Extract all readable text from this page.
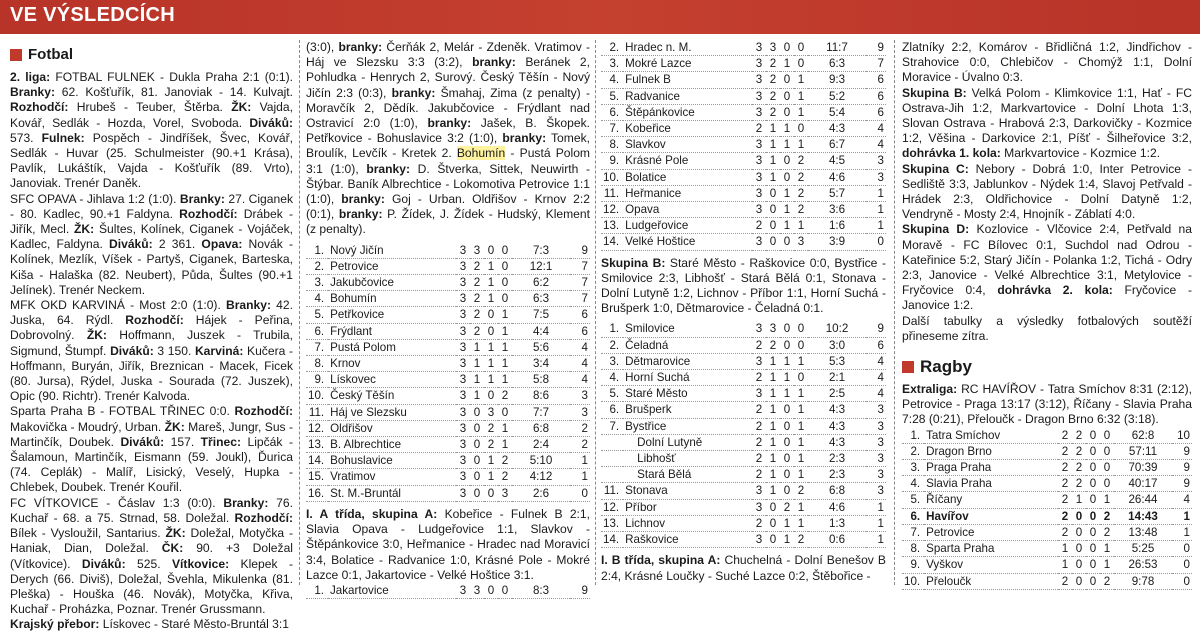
VE VÝSLEDCÍCH
Fotbal

2. liga: FOTBAL FULNEK - Dukla Praha 2:1 (0:1). Branky: 62. Košťuřík, 81. Janoviak - 14. Kulvajt. Rozhodčí: Hrubeš - Teuber, Štěrba. ŽK: Vajda, Kovář, Sedlák - Hozda, Vorel, Svoboda. Diváků: 573. Fulnek: Pospěch - Jindříšek, Švec, Kovář, Sedlák - Huvar (25. Schulmeister (90.+1 Krása), Pavlík, Lukáštík, Vajda - Košťuřík (89. Vrto), Janoviak. Trenér Daněk.

SFC OPAVA - Jihlava 1:2 (1:0). Branky: 27. Ciganek - 80. Kadlec, 90.+1 Faldyna. Rozhodčí: Drábek - Jiřík, Mecl. ŽK: Šultes, Kolínek, Ciganek - Vojáček, Kadlec, Faldyna. Diváků: 2 361. Opava: Novák - Kolínek, Mezlík, Víšek - Partyš, Ciganek, Barteska, Kiša - Halaška (82. Neubert), Půda, Šultes (90.+1 Jelínek). Trenér Neckem.

MFK OKD KARVINÁ - Most 2:0 (1:0). Branky: 42. Juska, 64. Rýdl. Rozhodčí: Hájek - Peřina, Dobrovolný. ŽK: Hoffmann, Juszek - Trubila, Sigmund, Štumpf. Diváků: 3 150. Karviná: Kučera - Hoffmann, Buryán, Jiřík, Breznican - Macek, Ficek (80. Jursa), Rýdel, Juska - Sourada (72. Juszek), Opic (90. Richtr). Trenér Kalvoda.

Sparta Praha B - FOTBAL TŘINEC 0:0. Rozhodčí: Makovička - Moudrý, Urban. ŽK: Mareš, Jungr, Sus - Martinčík, Doubek. Diváků: 157. Třinec: Lipčák - Šalamoun, Martinčík, Eismann (59. Joukl), Ďurica (74. Ceplák) - Malíř, Lisický, Veselý, Hupka - Chlebek, Doubek. Trenér Kouřil.

FC VÍTKOVICE - Čáslav 1:3 (0:0). Branky: 76. Kuchař - 68. a 75. Strnad, 58. Doležal. Rozhodčí: Bílek - Vysloužil, Santarius. ŽK: Doležal, Motyčka - Haniak, Dian, Doležal. ČK: 90. +3 Doležal (Vítkovice). Diváků: 525. Vítkovice: Klepek - Derych (66. Diviš), Doležal, Švehla, Mikulenka (81. Pleška) - Houška (46. Novák), Motyčka, Křiva, Kuchař - Proházka, Poznar. Trenér Grussmann.

Krajský přebor: Lískovec - Staré Město-Bruntál 3:1

(3:0), branky: Čerňák 2, Melár - Zdeněk. Vratimov - Háj ve Slezsku 3:3 (3:2), branky: Beránek 2, Pohludka - Henrych 2, Surový. Český Těšín - Nový Jičín 2:3 (0:3), branky: Šmahaj, Zima (z penalty) - Moravčík 2, Dědík. Jakubčovice - Frýdlant nad Ostravicí 2:0 (1:0), branky: Jašek, B. Škopek. Petřkovice - Bohuslavice 3:2 (1:0), branky: Tomek, Broulík, Levčík - Kretek 2. Bohumín - Pustá Polom 3:1 (1:0), branky: D. Štverka, Sittek, Neuwirth - Štýbar. Baník Albrechtice - Lokomotiva Petrovice 1:1 (1:0), branky: Goj - Urban. Oldřišov - Krnov 2:2 (0:1), branky: P. Žídek, J. Žídek - Hudský, Klement (z penalty).

1.	Nový Jičín	3	3	0	0	7:3	9
2.	Petrovice	3	2	1	0	12:1	7
3.	Jakubčovice	3	2	1	0	6:2	7
4.	Bohumín	3	2	1	0	6:3	7
5.	Petřkovice	3	2	0	1	7:5	6
6.	Frýdlant	3	2	0	1	4:4	6
7.	Pustá Polom	3	1	1	1	5:6	4
8.	Krnov	3	1	1	1	3:4	4
9.	Lískovec	3	1	1	1	5:8	4
10.	Český Těšín	3	1	0	2	8:6	3
11.	Háj ve Slezsku	3	0	3	0	7:7	3
12.	Oldřišov	3	0	2	1	6:8	2
13.	B. Albrechtice	3	0	2	1	2:4	2
14.	Bohuslavice	3	0	1	2	5:10	1
15.	Vratimov	3	0	1	2	4:12	1
16.	St. M.-Bruntál	3	0	0	3	2:6	0

I. A třída, skupina A: Kobeřice - Fulnek B 2:1, Slavia Opava - Ludgeřovice 1:1, Slavkov - Štěpánkovice 3:0, Heřmanice - Hradec nad Moravicí 3:4, Bolatice - Radvanice 1:0, Krásné Pole - Mokré Lazce 0:1, Jakartovice - Velké Hoštice 3:1.

1.	Jakartovice	3	3	0	0	8:3	9
2.	Hradec n. M.	3	3	0	0	11:7	9
3.	Mokré Lazce	3	2	1	0	6:3	7
4.	Fulnek B	3	2	0	1	9:3	6
5.	Radvanice	3	2	0	1	5:2	6
6.	Štěpánkovice	3	2	0	1	5:4	6
7.	Kobeřice	2	1	1	0	4:3	4
8.	Slavkov	3	1	1	1	6:7	4
9.	Krásné Pole	3	1	0	2	4:5	3
10.	Bolatice	3	1	0	2	4:6	3
11.	Heřmanice	3	0	1	2	5:7	1
12.	Opava	3	0	1	2	3:6	1
13.	Ludgeřovice	2	0	1	1	1:6	1
14.	Velké Hoštice	3	0	0	3	3:9	0

Skupina B: Staré Město - Raškovice 0:0, Bystřice - Smilovice 2:3, Libhošť - Stará Bělá 0:1, Stonava - Dolní Lutyně 1:2, Lichnov - Příbor 1:1, Horní Suchá - Brušperk 1:0, Dětmarovice - Čeladná 0:1.

1.	Smilovice	3	3	0	0	10:2	9
2.	Čeladná	2	2	0	0	3:0	6
3.	Dětmarovice	3	1	1	1	5:3	4
4.	Horní Suchá	2	1	1	0	2:1	4
5.	Staré Město	3	1	1	1	2:5	4
6.	Brušperk	2	1	0	1	4:3	3
7.	Bystřice	2	1	0	1	4:3	3
	Dolní Lutyně	2	1	0	1	4:3	3
	Libhošť	2	1	0	1	2:3	3
	Stará Bělá	2	1	0	1	2:3	3
11.	Stonava	3	1	0	2	6:8	3
12.	Příbor	3	0	2	1	4:6	1
13.	Lichnov	2	0	1	1	1:3	1
14.	Raškovice	3	0	1	2	0:6	1

I. B třída, skupina A: Chuchelná - Dolní Benešov B 2:4, Krásné Loučky - Suché Lazce 0:2, Štěbořice -

Zlatníky 2:2, Komárov - Břidličná 1:2, Jindřichov - Strahovice 0:0, Chlebičov - Chomýž 1:1, Dolní Moravice - Úvalno 0:3.

Skupina B: Velká Polom - Klimkovice 1:1, Hať - FC Ostrava-Jih 1:2, Markvartovice - Dolní Lhota 1:3, Slovan Ostrava - Hrabová 2:3, Darkovičky - Kozmice 1:2, Věšina - Darkovice 2:1, Píšť - Šilheřovice 3:2, dohrávka 1. kola: Markvartovice - Kozmice 1:2.

Skupina C: Nebory - Dobrá 1:0, Inter Petrovice - Sedliště 3:3, Jablunkov - Nýdek 1:4, Slavoj Petřvald - Hrádek 2:3, Oldřichovice - Dolní Datyně 1:2, Vendryně - Mosty 2:4, Hnojník - Záblatí 4:0.

Skupina D: Kozlovice - Vlčovice 2:4, Petřvald na Moravě - FC Bílovec 0:1, Suchdol nad Odrou - Kateřinice 5:2, Starý Jičín - Polanka 1:2, Tichá - Odry 2:3, Janovice - Velké Albrechtice 3:1, Metylovice - Fryčovice 0:4, dohrávka 2. kola: Fryčovice - Janovice 1:2.

Další tabulky a výsledky fotbalových soutěží přineseme zítra.

Ragby

Extraliga: RC HAVÍŘOV - Tatra Smíchov 8:31 (2:12), Petrovice - Praga 13:17 (3:12), Říčany - Slavia Praha 7:28 (0:21), Přeloučk - Dragon Brno 6:32 (3:18).

1.	Tatra Smíchov	2	2	0	0	62:8	10
2.	Dragon Brno	2	2	0	0	57:11	9
3.	Praga Praha	2	2	0	0	70:39	9
4.	Slavia Praha	2	2	0	0	40:17	9
5.	Říčany	2	1	0	1	26:44	4
6.	Havířov	2	0	0	2	14:43	1
7.	Petrovice	2	0	0	2	13:48	1
8.	Sparta Praha	1	0	0	1	5:25	0
9.	Vyškov	1	0	0	1	26:53	0
10.	Přeloučk	2	0	0	2	9:78	0
